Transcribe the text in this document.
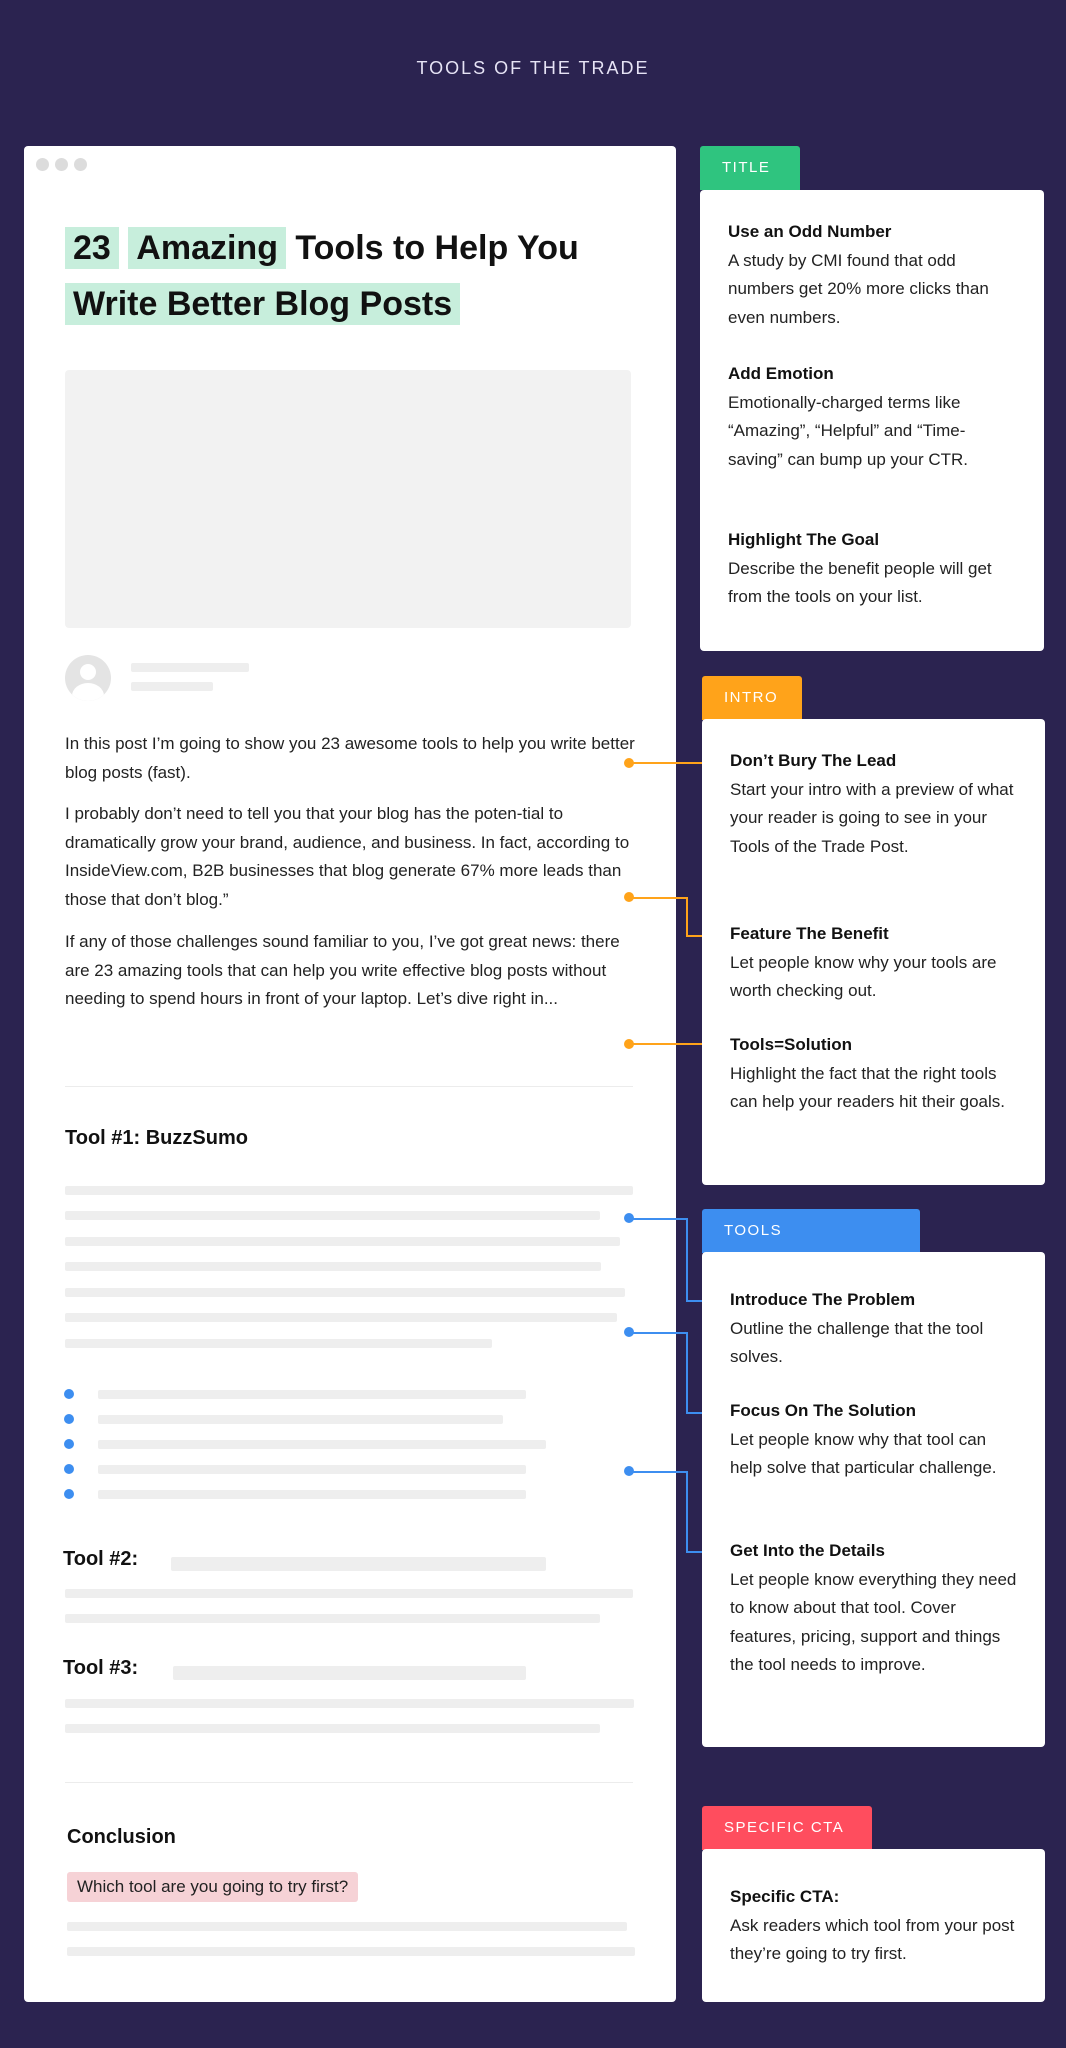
TOOLS OF THE TRADE
23 Amazing Tools to Help You
Write Better Blog Posts
In this post I’m going to show you 23 awesome tools to help you write better blog posts (fast).
I probably don’t need to tell you that your blog has the poten-tial to dramatically grow your brand, audience, and business. In fact, according to InsideView.com, B2B businesses that blog generate 67% more leads than those that don’t blog.”
If any of those challenges sound familiar to you, I’ve got great news: there are 23 amazing tools that can help you write effective blog posts without needing to spend hours in front of your laptop. Let’s dive right in...
Tool #1: BuzzSumo
Tool #2:
Tool #3:
Conclusion
Which tool are you going to try first?
TITLE
Use an Odd Number
A study by CMI found that odd numbers get 20% more clicks than even numbers.
Add Emotion
Emotionally-charged terms like “Amazing”, “Helpful” and “Time-saving” can bump up your CTR.
Highlight The Goal
Describe the benefit people will get from the tools on your list.
INTRO
Don’t Bury The Lead
Start your intro with a preview of what your reader is going to see in your Tools of the Trade Post.
Feature The Benefit
Let people know why your tools are worth checking out.
Tools=Solution
Highlight the fact that the right tools can help your readers hit their goals.
TOOLS
Introduce The Problem
Outline the challenge that the tool solves.
Focus On The Solution
Let people know why that tool can help solve that particular challenge.
Get Into the Details
Let people know everything they need to know about that tool. Cover features, pricing, support and things the tool needs to improve.
SPECIFIC CTA
Specific CTA:
Ask readers which tool from your post they’re going to try first.
